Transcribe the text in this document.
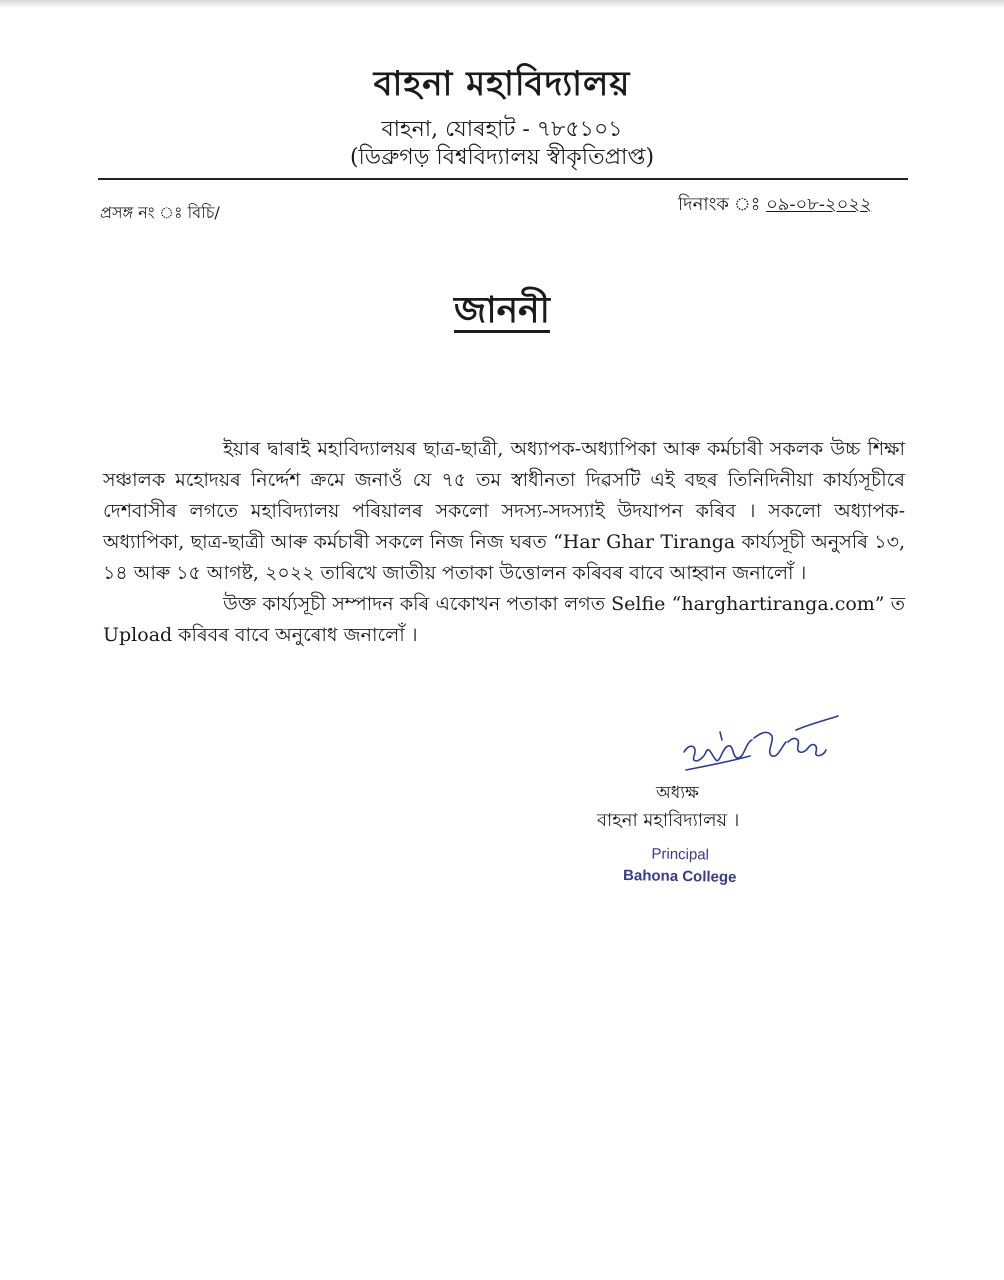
বাহনা মহাবিদ্যালয়
বাহনা, যোৰহাট - ৭৮৫১০১
(ডিব্ৰুগড় বিশ্ববিদ্যালয় স্বীকৃতিপ্ৰাপ্ত)
প্ৰসঙ্গ নং ঃ বিচি/	দিনাংক ঃ ০৯-০৮-২০২২
জাননী

ইয়াৰ দ্বাৰাই মহাবিদ্যালয়ৰ ছাত্ৰ-ছাত্ৰী, অধ্যাপক-অধ্যাপিকা আৰু কৰ্মচাৰী সকলক উচ্চ শিক্ষা সঞ্চালক মহোদয়ৰ নিৰ্দ্দেশ ক্ৰমে জনাওঁ যে ৭৫ তম স্বাধীনতা দিৱসটি এই বছৰ তিনিদিনীয়া কাৰ্য্যসূচীৰে দেশবাসীৰ লগতে মহাবিদ্যালয় পৰিয়ালৰ সকলো সদস্য-সদস্যাই উদযাপন কৰিব । সকলো অধ্যাপক-অধ্যাপিকা, ছাত্ৰ-ছাত্ৰী আৰু কৰ্মচাৰী সকলে নিজ নিজ ঘৰত “Har Ghar Tiranga কাৰ্য্যসূচী অনুসৰি ১৩, ১৪ আৰু ১৫ আগষ্ট, ২০২২ তাৰিখে জাতীয় পতাকা উত্তোলন কৰিবৰ বাবে আহ্বান জনালোঁ ।

উক্ত কাৰ্য্যসূচী সম্পাদন কৰি একোখন পতাকা লগত Selfie “harghartiranga.com” ত Upload কৰিবৰ বাবে অনুৰোধ জনালোঁ ।

অধ্যক্ষ
বাহনা মহাবিদ্যালয় ।
Principal
Bahona College
